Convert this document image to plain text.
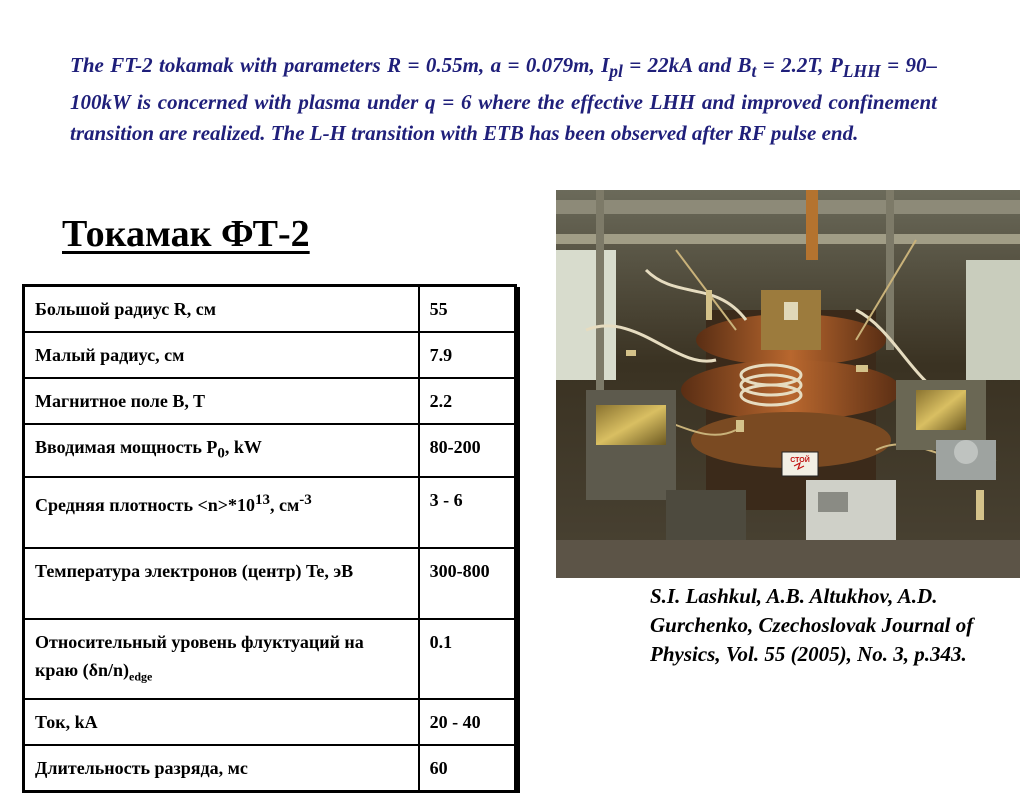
The FT-2 tokamak with parameters R = 0.55m, a = 0.079m, $I_{pl} = 22kA$ and $B_t = 2.2T$, $P_{LHH} = 90-100kW$ is concerned with plasma under q = 6 where the effective LHH and improved confinement transition are realized. The L-H transition with ETB has been observed after RF pulse end.
Токамак ФТ-2
Большой радиус R, см	55
Малый радиус, см	7.9
Магнитное поле B, T	2.2
Вводимая мощность $P_0$, kW	80-200
Средняя плотность $<n>*10^{13}$, $см^{-3}$	3 - 6
Температура электронов (центр) Te, эВ	300-800
Относительный уровень флуктуаций на краю $(\delta n/n)_{edge}$	0.1
Ток, kA	20 - 40
Длительность разряда, мс	60
СТОЙ
S.I. Lashkul, A.B. Altukhov, A.D. Gurchenko, Czechoslovak Journal of Physics, Vol. 55 (2005), No. 3, p.343.
